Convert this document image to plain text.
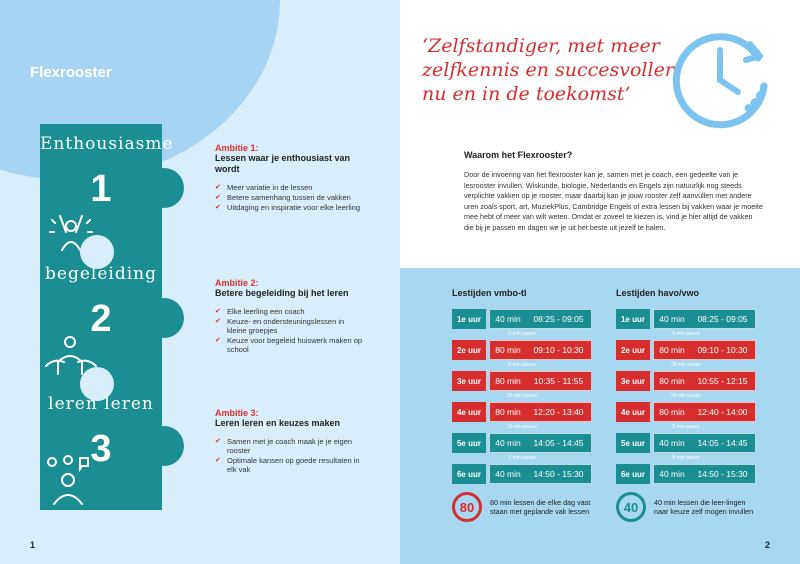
Flexrooster
Enthousiasme
1
begeleiding
2
leren leren
3
Ambitie 1:
Lessen waar je enthousiast van wordt
✔ Meer variatie in de lessen
✔ Betere samenhang tussen de vakken
✔ Uitdaging en inspiratie voor elke leerling
Ambitie 2:
Betere begeleiding bij het leren
✔ Elke leerling een coach
✔ Keuze- en ondersteuningslessen in kleine groepjes
✔ Keuze voor begeleid huiswerk maken op school
Ambitie 3:
Leren leren en keuzes maken
✔ Samen met je coach maak je je eigen rooster
✔ Optimale kansen op goede resultaten in elk vak
1
‘Zelfstandiger, met meer zelfkennis en succesvoller nu en in de toekomst’
Waarom het Flexrooster?
Door de invoering van het flexrooster kan je, samen met je coach, een gedeelte van je lesrooster invullen. Wiskunde, biologie, Nederlands en Engels zijn natuurlijk nog steeds verplichte vakken op je rooster, maar daarbij kan je jouw rooster zelf aanvullen met andere uren zoals sport, art, MuziekPlus, Cambridge Engels of extra lessen bij vakken waar je moeite mee hebt of meer van wilt weten. Omdat er zoveel te kiezen is, vind je hier altijd de vakken die bij je passen en dagen we je uit het beste uit jezelf te halen.
Lestijden vmbo-tl
1e uur	40 min	08:25 - 09:05
5 min pauze
2e uur	80 min	09:10 - 10:30
5 min pauze
3e uur	80 min	10:35 - 11:55
25 min pauze
4e uur	80 min	12:20 - 13:40
25 min pauze
5e uur	40 min	14:05 - 14:45
5 min pauze
6e uur	40 min	14:50 - 15:30
80	80 min lessen die elke dag vast staan met geplande vak lessen
Lestijden havo/vwo
1e uur	40 min	08:25 - 09:05
5 min pauze
2e uur	80 min	09:10 - 10:30
25 min pauze
3e uur	80 min	10:55 - 12:15
25 min pauze
4e uur	80 min	12:40 - 14:00
5 min pauze
5e uur	40 min	14:05 - 14:45
5 min pauze
6e uur	40 min	14:50 - 15:30
40	40 min lessen die leer-lingen naar keuze zelf mogen invullen
2
